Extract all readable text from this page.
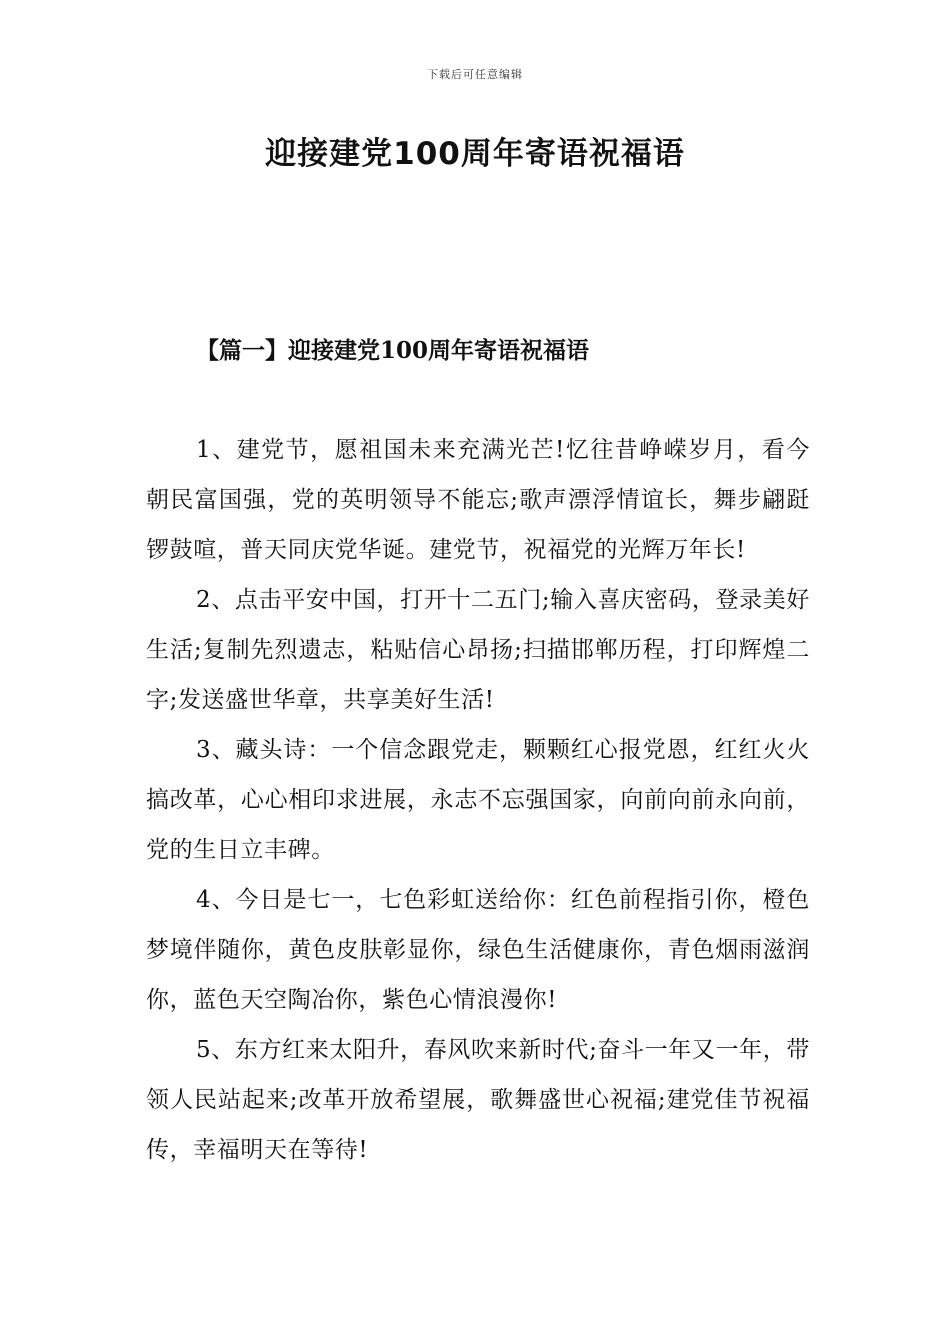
下载后可任意编辑
迎接建党100周年寄语祝福语
【篇一】迎接建党100周年寄语祝福语

1、建党节，愿祖国未来充满光芒!忆往昔峥嵘岁月，看今朝民富国强，党的英明领导不能忘;歌声漂浮情谊长，舞步翩跹锣鼓喧，普天同庆党华诞。建党节，祝福党的光辉万年长!

2、点击平安中国，打开十二五门;输入喜庆密码，登录美好生活;复制先烈遗志，粘贴信心昂扬;扫描邯郸历程，打印辉煌二字;发送盛世华章，共享美好生活!

3、藏头诗：一个信念跟党走，颗颗红心报党恩，红红火火搞改革，心心相印求进展，永志不忘强国家，向前向前永向前，党的生日立丰碑。

4、今日是七一，七色彩虹送给你：红色前程指引你，橙色梦境伴随你，黄色皮肤彰显你，绿色生活健康你，青色烟雨滋润你，蓝色天空陶冶你，紫色心情浪漫你!

5、东方红来太阳升，春风吹来新时代;奋斗一年又一年，带领人民站起来;改革开放希望展，歌舞盛世心祝福;建党佳节祝福传，幸福明天在等待!
